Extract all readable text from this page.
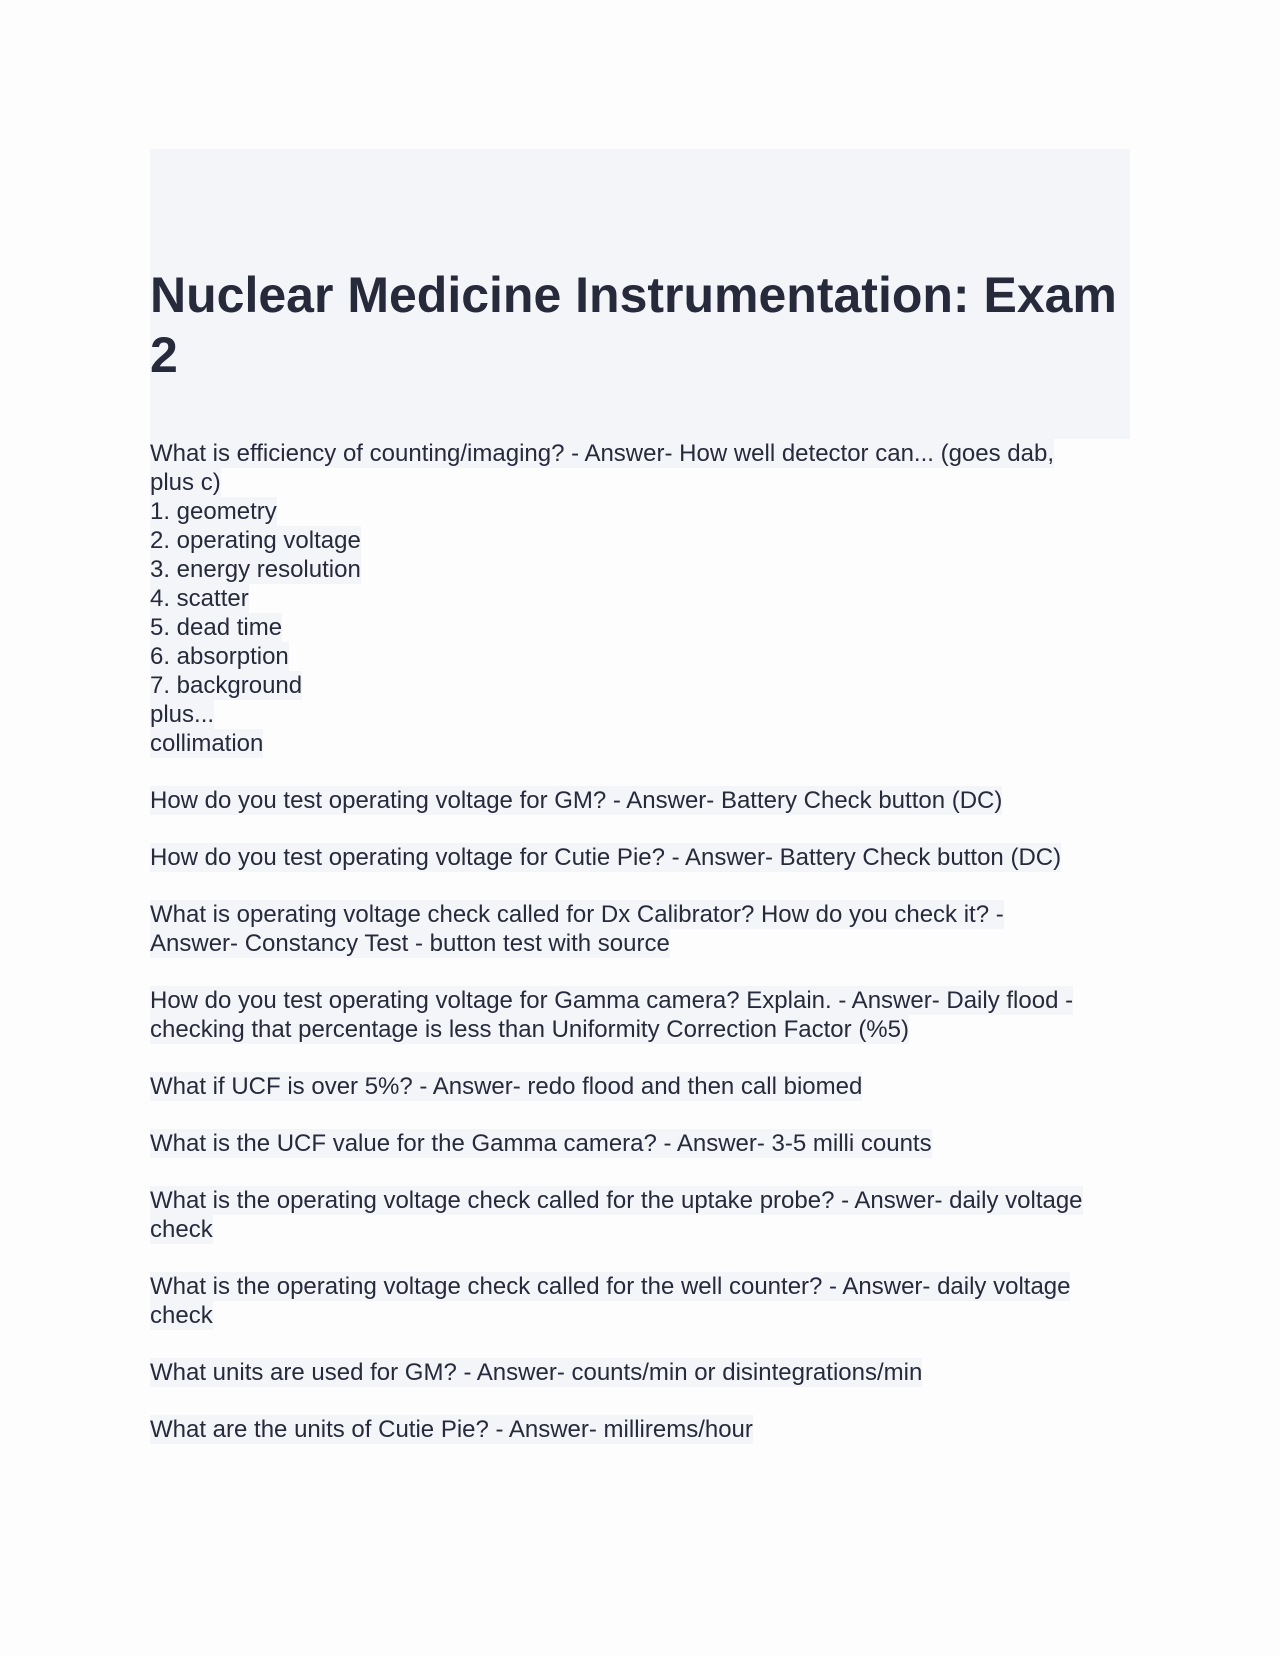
Nuclear Medicine Instrumentation: Exam 2
What is efficiency of counting/imaging? - Answer- How well detector can... (goes dab,
plus c)
1. geometry
2. operating voltage
3. energy resolution
4. scatter
5. dead time
6. absorption
7. background
plus...
collimation
How do you test operating voltage for GM? - Answer- Battery Check button (DC)
How do you test operating voltage for Cutie Pie? - Answer- Battery Check button (DC)
What is operating voltage check called for Dx Calibrator? How do you check it? -
Answer- Constancy Test - button test with source
How do you test operating voltage for Gamma camera? Explain. - Answer- Daily flood -
checking that percentage is less than Uniformity Correction Factor (%5)
What if UCF is over 5%? - Answer- redo flood and then call biomed
What is the UCF value for the Gamma camera? - Answer- 3-5 milli counts
What is the operating voltage check called for the uptake probe? - Answer- daily voltage
check
What is the operating voltage check called for the well counter? - Answer- daily voltage
check
What units are used for GM? - Answer- counts/min or disintegrations/min
What are the units of Cutie Pie? - Answer- millirems/hour
